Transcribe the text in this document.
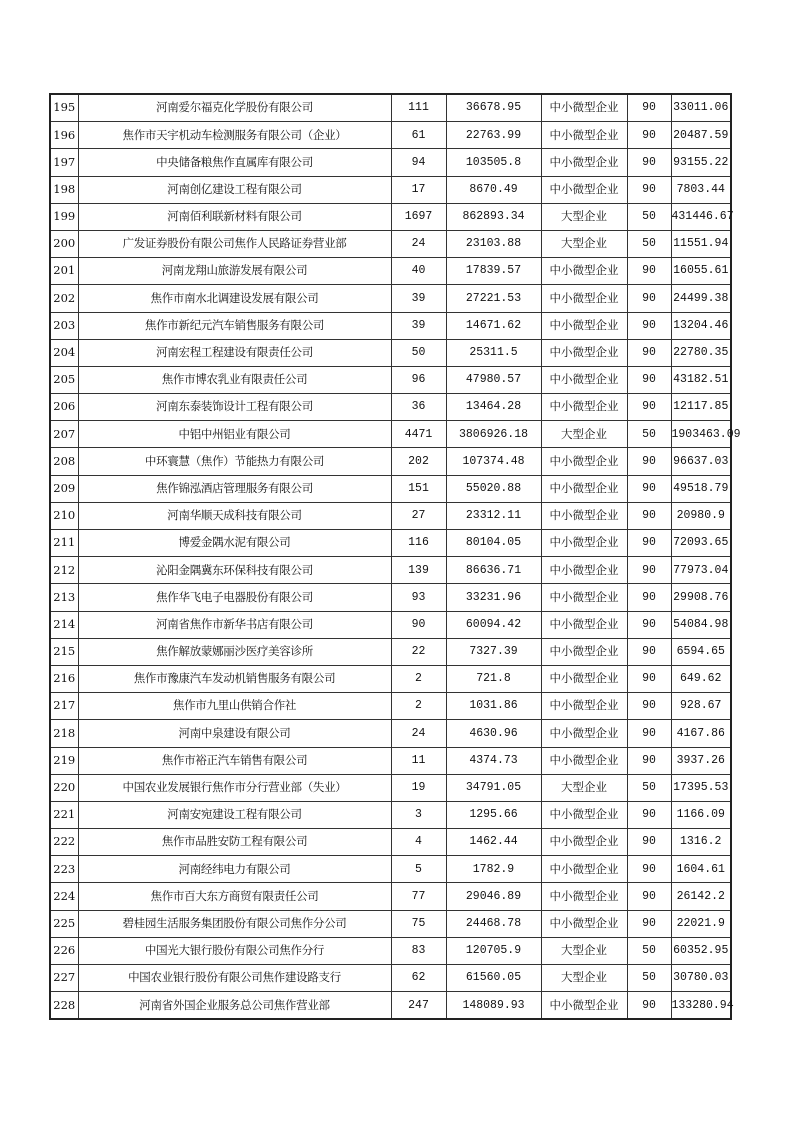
195	河南爱尔福克化学股份有限公司	111	36678.95	中小微型企业	90	33011.06
196	焦作市天宇机动车检测服务有限公司（企业）	61	22763.99	中小微型企业	90	20487.59
197	中央储备粮焦作直属库有限公司	94	103505.8	中小微型企业	90	93155.22
198	河南创亿建设工程有限公司	17	8670.49	中小微型企业	90	7803.44
199	河南佰利联新材料有限公司	1697	862893.34	大型企业	50	431446.67
200	广发证券股份有限公司焦作人民路证券营业部	24	23103.88	大型企业	50	11551.94
201	河南龙翔山旅游发展有限公司	40	17839.57	中小微型企业	90	16055.61
202	焦作市南水北调建设发展有限公司	39	27221.53	中小微型企业	90	24499.38
203	焦作市新纪元汽车销售服务有限公司	39	14671.62	中小微型企业	90	13204.46
204	河南宏程工程建设有限责任公司	50	25311.5	中小微型企业	90	22780.35
205	焦作市博农乳业有限责任公司	96	47980.57	中小微型企业	90	43182.51
206	河南东泰装饰设计工程有限公司	36	13464.28	中小微型企业	90	12117.85
207	中铝中州铝业有限公司	4471	3806926.18	大型企业	50	1903463.09
208	中环寰慧（焦作）节能热力有限公司	202	107374.48	中小微型企业	90	96637.03
209	焦作锦泓酒店管理服务有限公司	151	55020.88	中小微型企业	90	49518.79
210	河南华顺天成科技有限公司	27	23312.11	中小微型企业	90	20980.9
211	博爱金隅水泥有限公司	116	80104.05	中小微型企业	90	72093.65
212	沁阳金隅冀东环保科技有限公司	139	86636.71	中小微型企业	90	77973.04
213	焦作华飞电子电器股份有限公司	93	33231.96	中小微型企业	90	29908.76
214	河南省焦作市新华书店有限公司	90	60094.42	中小微型企业	90	54084.98
215	焦作解放蒙娜丽沙医疗美容诊所	22	7327.39	中小微型企业	90	6594.65
216	焦作市豫康汽车发动机销售服务有限公司	2	721.8	中小微型企业	90	649.62
217	焦作市九里山供销合作社	2	1031.86	中小微型企业	90	928.67
218	河南中泉建设有限公司	24	4630.96	中小微型企业	90	4167.86
219	焦作市裕正汽车销售有限公司	11	4374.73	中小微型企业	90	3937.26
220	中国农业发展银行焦作市分行营业部（失业）	19	34791.05	大型企业	50	17395.53
221	河南安宛建设工程有限公司	3	1295.66	中小微型企业	90	1166.09
222	焦作市品胜安防工程有限公司	4	1462.44	中小微型企业	90	1316.2
223	河南经纬电力有限公司	5	1782.9	中小微型企业	90	1604.61
224	焦作市百大东方商贸有限责任公司	77	29046.89	中小微型企业	90	26142.2
225	碧桂园生活服务集团股份有限公司焦作分公司	75	24468.78	中小微型企业	90	22021.9
226	中国光大银行股份有限公司焦作分行	83	120705.9	大型企业	50	60352.95
227	中国农业银行股份有限公司焦作建设路支行	62	61560.05	大型企业	50	30780.03
228	河南省外国企业服务总公司焦作营业部	247	148089.93	中小微型企业	90	133280.94
